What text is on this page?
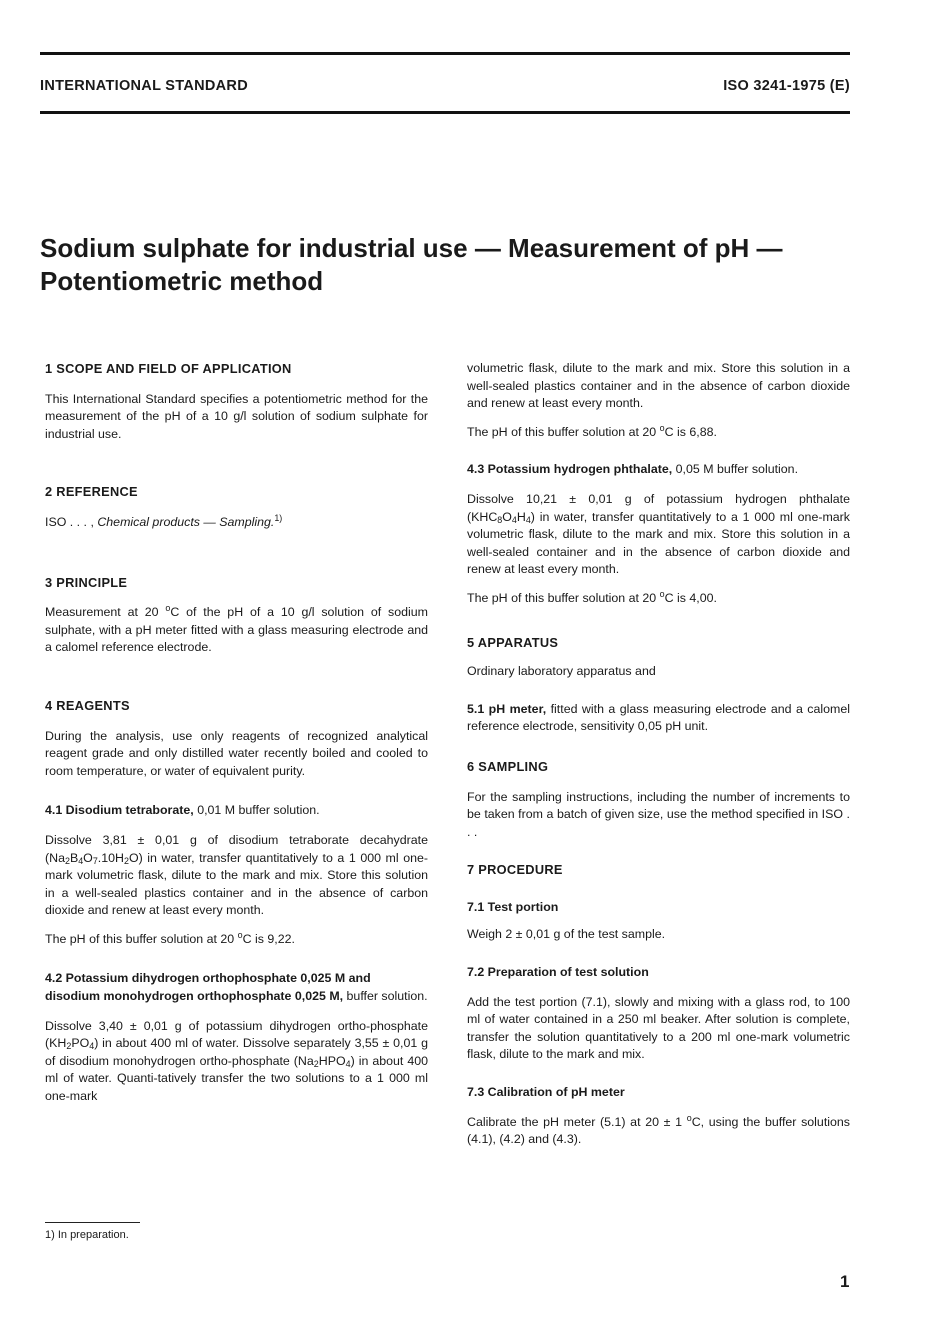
INTERNATIONAL STANDARD	ISO 3241-1975 (E)
Sodium sulphate for industrial use — Measurement of pH —
Potentiometric method
1 SCOPE AND FIELD OF APPLICATION

This International Standard specifies a potentiometric method for the measurement of the pH of a 10 g/l solution of sodium sulphate for industrial use.

2 REFERENCE

ISO . . . , Chemical products — Sampling.$^{1)}$

3 PRINCIPLE

Measurement at 20 $^o$C of the pH of a 10 g/l solution of sodium sulphate, with a pH meter fitted with a glass measuring electrode and a calomel reference electrode.

4 REAGENTS

During the analysis, use only reagents of recognized analytical reagent grade and only distilled water recently boiled and cooled to room temperature, or water of equivalent purity.

4.1 Disodium tetraborate, 0,01 M buffer solution.

Dissolve 3,81 ± 0,01 g of disodium tetraborate decahydrate $(Na_2B_4O_7.10H_2O)$ in water, transfer quantitatively to a 1 000 ml one-mark volumetric flask, dilute to the mark and mix. Store this solution in a well-sealed plastics container and in the absence of carbon dioxide and renew at least every month.

The pH of this buffer solution at 20 $^o$C is 9,22.

4.2 Potassium dihydrogen orthophosphate 0,025 M and disodium monohydrogen orthophosphate 0,025 M, buffer solution.

Dissolve 3,40 ± 0,01 g of potassium dihydrogen ortho-phosphate $(KH_2PO_4)$ in about 400 ml of water. Dissolve separately 3,55 ± 0,01 g of disodium monohydrogen ortho-phosphate $(Na_2HPO_4)$ in about 400 ml of water. Quanti-tatively transfer the two solutions to a 1 000 ml one-mark

volumetric flask, dilute to the mark and mix. Store this solution in a well-sealed plastics container and in the absence of carbon dioxide and renew at least every month.

The pH of this buffer solution at 20 $^o$C is 6,88.

4.3 Potassium hydrogen phthalate, 0,05 M buffer solution.

Dissolve 10,21 ± 0,01 g of potassium hydrogen phthalate $(KHC_8O_4H_4)$ in water, transfer quantitatively to a 1 000 ml one-mark volumetric flask, dilute to the mark and mix. Store this solution in a well-sealed container and in the absence of carbon dioxide and renew at least every month.

The pH of this buffer solution at 20 $^o$C is 4,00.

5 APPARATUS

Ordinary laboratory apparatus and

5.1 pH meter, fitted with a glass measuring electrode and a calomel reference electrode, sensitivity 0,05 pH unit.

6 SAMPLING

For the sampling instructions, including the number of increments to be taken from a batch of given size, use the method specified in ISO . . .

7 PROCEDURE
7.1 Test portion

Weigh 2 ± 0,01 g of the test sample.

7.2 Preparation of test solution

Add the test portion (7.1), slowly and mixing with a glass rod, to 100 ml of water contained in a 250 ml beaker. After solution is complete, transfer the solution quantitatively to a 200 ml one-mark volumetric flask, dilute to the mark and mix.

7.3 Calibration of pH meter

Calibrate the pH meter (5.1) at 20 ± 1 $^o$C, using the buffer solutions (4.1), (4.2) and (4.3).

1) In preparation.
1
